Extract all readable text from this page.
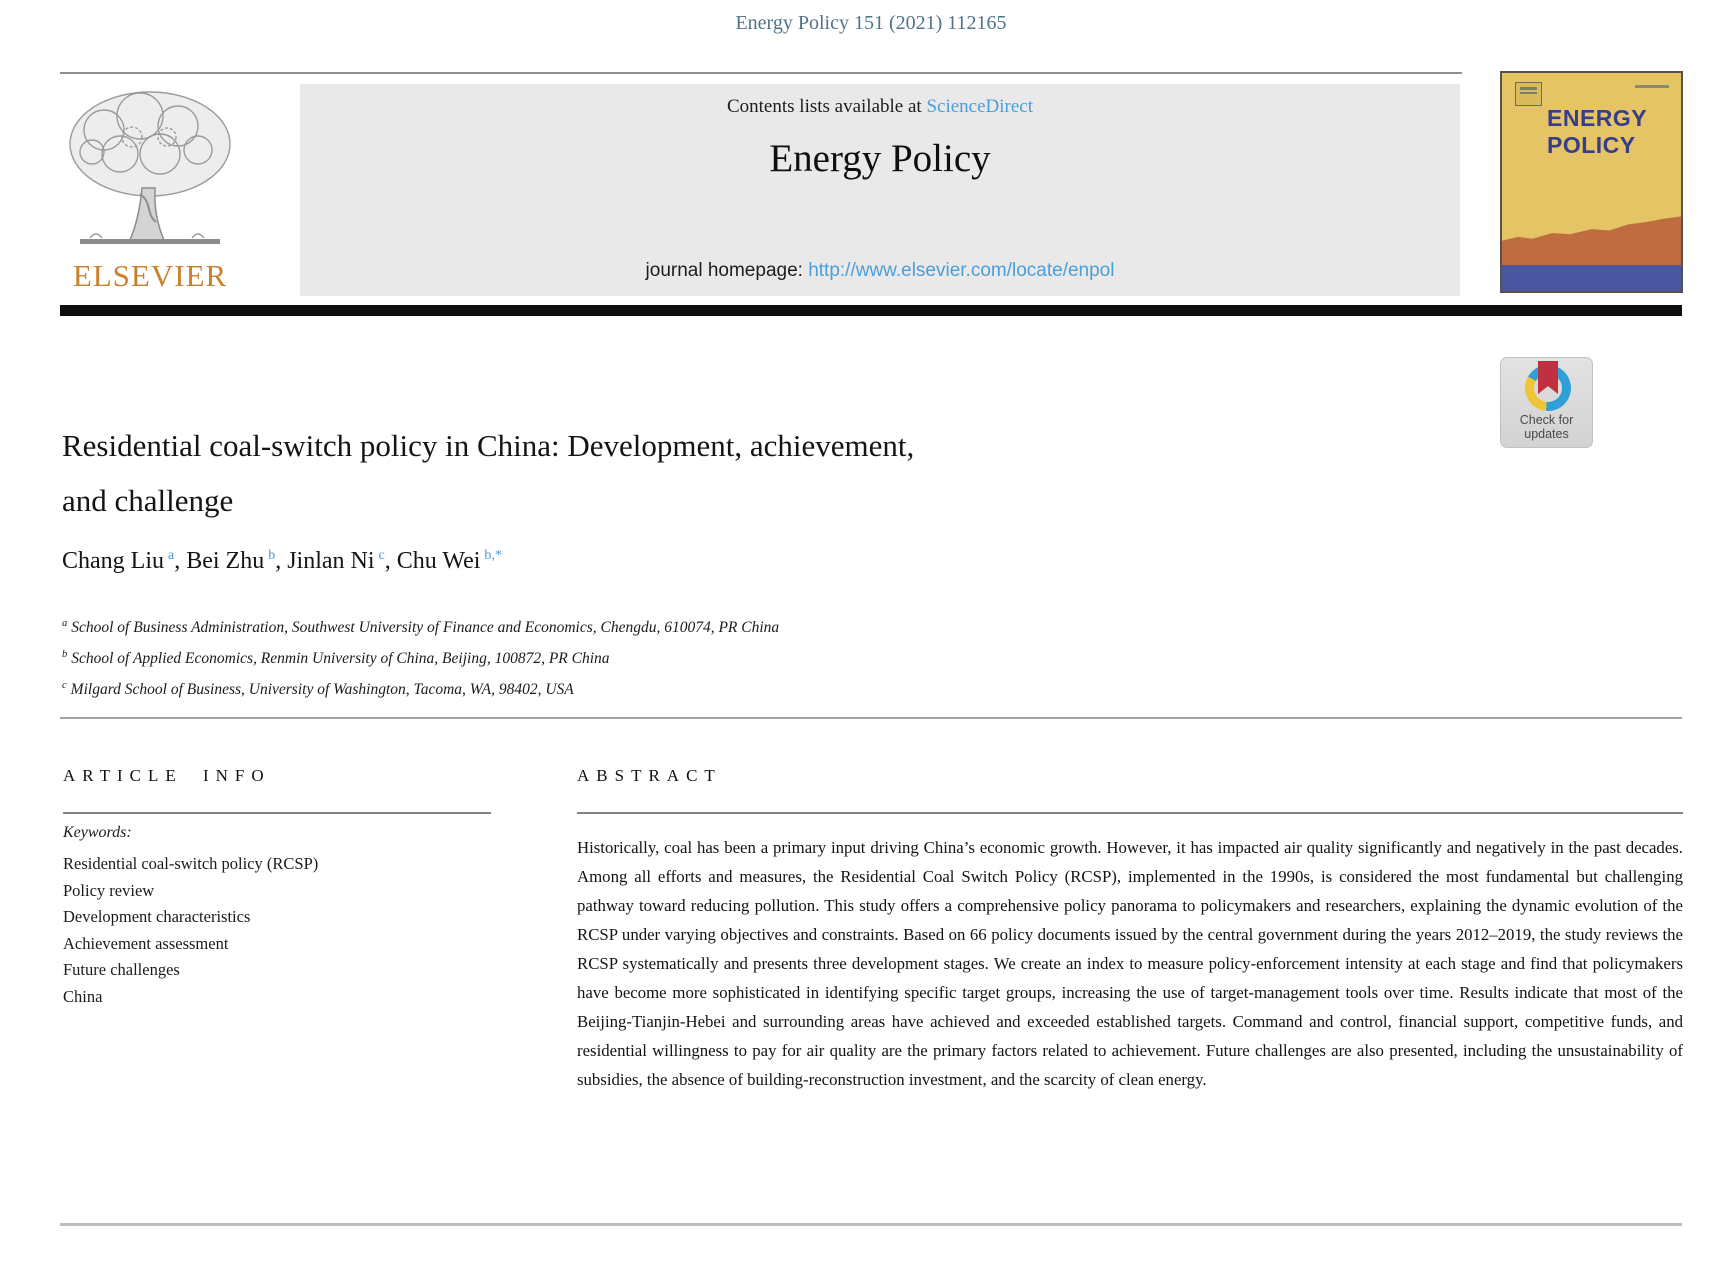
Energy Policy 151 (2021) 112165
ELSEVIER
Contents lists available at ScienceDirect
Energy Policy
journal homepage: http://www.elsevier.com/locate/enpol
ENERGY
POLICY
Check for
updates
Residential coal-switch policy in China: Development, achievement,
and challenge
Chang Liu $^a$, Bei Zhu $^b$, Jinlan Ni $^c$, Chu Wei $^{b,*}$
$^a$ School of Business Administration, Southwest University of Finance and Economics, Chengdu, 610074, PR China
$^b$ School of Applied Economics, Renmin University of China, Beijing, 100872, PR China
$^c$ Milgard School of Business, University of Washington, Tacoma, WA, 98402, USA
ARTICLE INFO
Keywords:
Residential coal-switch policy (RCSP)
Policy review
Development characteristics
Achievement assessment
Future challenges
China
ABSTRACT
Historically, coal has been a primary input driving China’s economic growth. However, it has impacted air quality significantly and negatively in the past decades. Among all efforts and measures, the Residential Coal Switch Policy (RCSP), implemented in the 1990s, is considered the most fundamental but challenging pathway toward reducing pollution. This study offers a comprehensive policy panorama to policymakers and researchers, explaining the dynamic evolution of the RCSP under varying objectives and constraints. Based on 66 policy documents issued by the central government during the years 2012–2019, the study reviews the RCSP systematically and presents three development stages. We create an index to measure policy-enforcement intensity at each stage and find that policymakers have become more sophisticated in identifying specific target groups, increasing the use of target-management tools over time. Results indicate that most of the Beijing-Tianjin-Hebei and surrounding areas have achieved and exceeded established targets. Command and control, financial support, competitive funds, and residential willingness to pay for air quality are the primary factors related to achievement. Future challenges are also presented, including the unsustainability of subsidies, the absence of building-reconstruction investment, and the scarcity of clean energy.
